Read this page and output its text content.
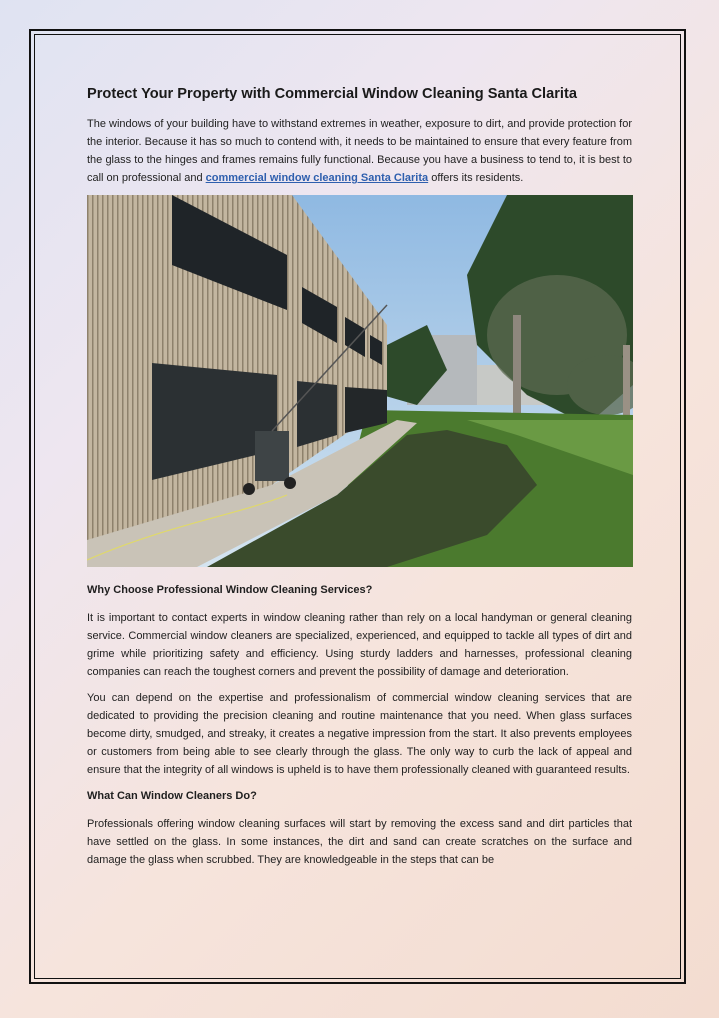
Protect Your Property with Commercial Window Cleaning Santa Clarita

The windows of your building have to withstand extremes in weather, exposure to dirt, and provide protection for the interior. Because it has so much to contend with, it needs to be maintained to ensure that every feature from the glass to the hinges and frames remains fully functional. Because you have a business to tend to, it is best to call on professional and commercial window cleaning Santa Clarita offers its residents.

Why Choose Professional Window Cleaning Services?

It is important to contact experts in window cleaning rather than rely on a local handyman or general cleaning service. Commercial window cleaners are specialized, experienced, and equipped to tackle all types of dirt and grime while prioritizing safety and efficiency. Using sturdy ladders and harnesses, professional cleaning companies can reach the toughest corners and prevent the possibility of damage and deterioration.

You can depend on the expertise and professionalism of commercial window cleaning services that are dedicated to providing the precision cleaning and routine maintenance that you need. When glass surfaces become dirty, smudged, and streaky, it creates a negative impression from the start. It also prevents employees or customers from being able to see clearly through the glass. The only way to curb the lack of appeal and ensure that the integrity of all windows is upheld is to have them professionally cleaned with guaranteed results.

What Can Window Cleaners Do?

Professionals offering window cleaning surfaces will start by removing the excess sand and dirt particles that have settled on the glass. In some instances, the dirt and sand can create scratches on the surface and damage the glass when scrubbed. They are knowledgeable in the steps that can be
